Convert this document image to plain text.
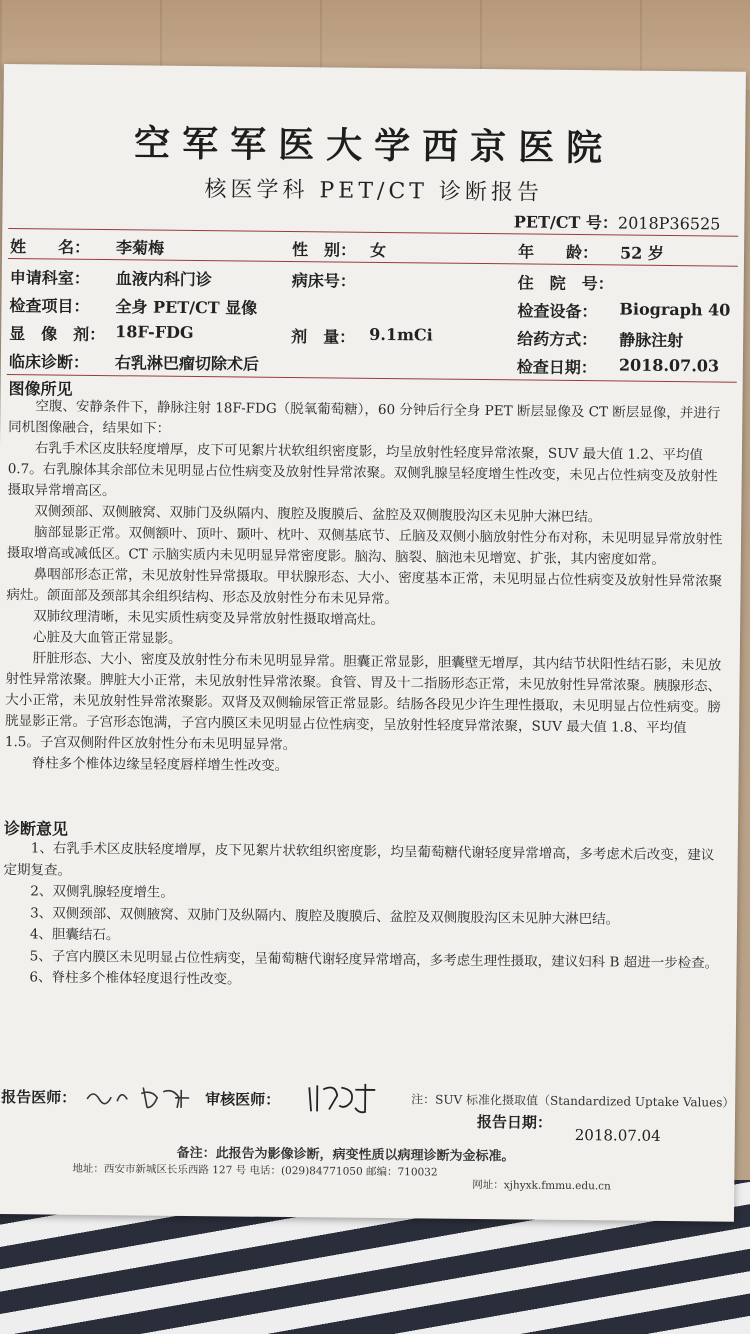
空军军医大学西京医院
核医学科 PET/CT 诊断报告
PET/CT 号：2018P36525
姓　　名： 李菊梅	性　别： 女	年　　龄： 52 岁
申请科室： 血液内科门诊	病床号：	住　院　号：
检查项目： 全身 PET/CT 显像	检查设备： Biograph 40
显　像　剂： 18F-FDG	剂　量： 9.1mCi	给药方式： 静脉注射
临床诊断： 右乳淋巴瘤切除术后	检查日期： 2018.07.03
图像所见

空腹、安静条件下，静脉注射 18F-FDG（脱氧葡萄糖），60 分钟后行全身 PET 断层显像及 CT 断层显像，并进行同机图像融合，结果如下：

右乳手术区皮肤轻度增厚，皮下可见絮片状软组织密度影，均呈放射性轻度异常浓聚，SUV 最大值 1.2、平均值 0.7。右乳腺体其余部位未见明显占位性病变及放射性异常浓聚。双侧乳腺呈轻度增生性改变，未见占位性病变及放射性摄取异常增高区。

双侧颈部、双侧腋窝、双肺门及纵隔内、腹腔及腹膜后、盆腔及双侧腹股沟区未见肿大淋巴结。

脑部显影正常。双侧额叶、顶叶、颞叶、枕叶、双侧基底节、丘脑及双侧小脑放射性分布对称，未见明显异常放射性摄取增高或减低区。CT 示脑实质内未见明显异常密度影。脑沟、脑裂、脑池未见增宽、扩张，其内密度如常。

鼻咽部形态正常，未见放射性异常摄取。甲状腺形态、大小、密度基本正常，未见明显占位性病变及放射性异常浓聚病灶。颌面部及颈部其余组织结构、形态及放射性分布未见异常。

双肺纹理清晰，未见实质性病变及异常放射性摄取增高灶。

心脏及大血管正常显影。

肝脏形态、大小、密度及放射性分布未见明显异常。胆囊正常显影，胆囊壁无增厚，其内结节状阳性结石影，未见放射性异常浓聚。脾脏大小正常，未见放射性异常浓聚。食管、胃及十二指肠形态正常，未见放射性异常浓聚。胰腺形态、大小正常，未见放射性异常浓聚影。双肾及双侧输尿管正常显影。结肠各段见少许生理性摄取，未见明显占位性病变。膀胱显影正常。子宫形态饱满，子宫内膜区未见明显占位性病变，呈放射性轻度异常浓聚，SUV 最大值 1.8、平均值 1.5。子宫双侧附件区放射性分布未见明显异常。

脊柱多个椎体边缘呈轻度唇样增生性改变。

诊断意见

1、右乳手术区皮肤轻度增厚，皮下见絮片状软组织密度影，均呈葡萄糖代谢轻度异常增高，多考虑术后改变，建议定期复查。

2、双侧乳腺轻度增生。

3、双侧颈部、双侧腋窝、双肺门及纵隔内、腹腔及腹膜后、盆腔及双侧腹股沟区未见肿大淋巴结。

4、胆囊结石。

5、子宫内膜区未见明显占位性病变，呈葡萄糖代谢轻度异常增高，多考虑生理性摄取，建议妇科 B 超进一步检查。

6、脊柱多个椎体轻度退行性改变。

报告医师：	审核医师：	注：SUV 标准化摄取值（Standardized Uptake Values）
报告日期：
2018.07.04
备注：此报告为影像诊断，病变性质以病理诊断为金标准。
地址：西安市新城区长乐西路 127 号 电话：(029)84771050 邮编：710032
网址：xjhyxk.fmmu.edu.cn
